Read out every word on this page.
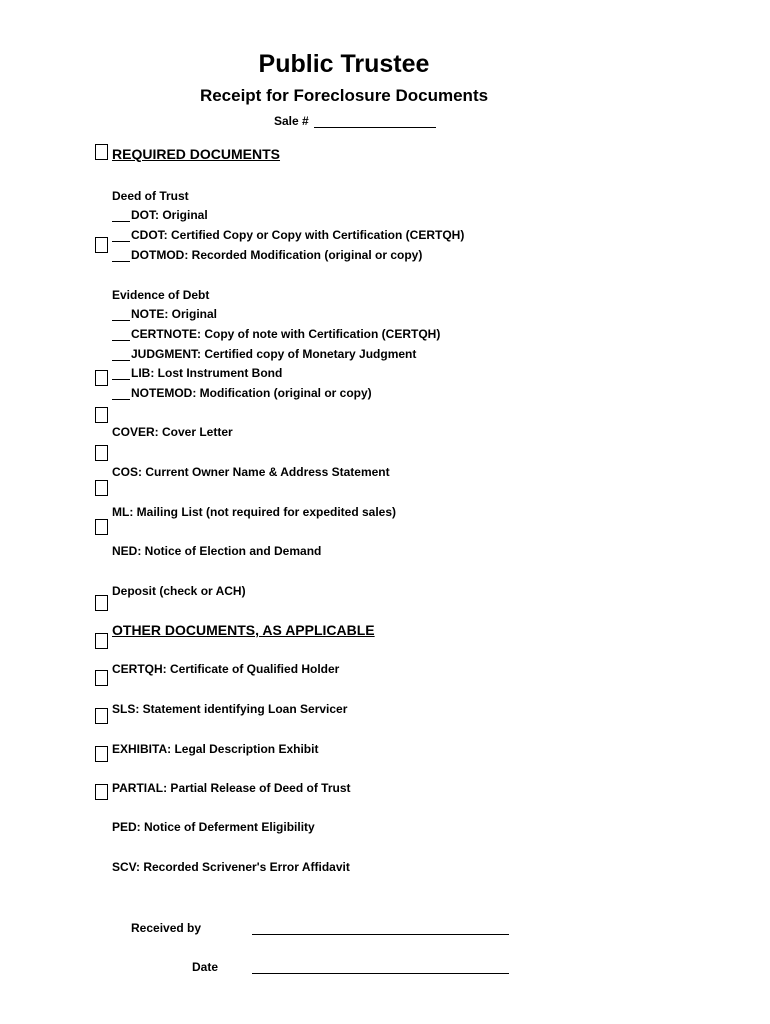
Public Trustee
Receipt for Foreclosure Documents
Sale #
REQUIRED DOCUMENTS
Deed of Trust
DOT: Original
CDOT: Certified Copy or Copy with Certification (CERTQH)
DOTMOD: Recorded Modification (original or copy)
Evidence of Debt
NOTE: Original
CERTNOTE: Copy of note with Certification (CERTQH)
JUDGMENT: Certified copy of Monetary Judgment
LIB: Lost Instrument Bond
NOTEMOD: Modification (original or copy)
COVER: Cover Letter
COS: Current Owner Name & Address Statement
ML: Mailing List (not required for expedited sales)
NED: Notice of Election and Demand
Deposit (check or ACH)
OTHER DOCUMENTS, AS APPLICABLE
CERTQH: Certificate of Qualified Holder
SLS: Statement identifying Loan Servicer
EXHIBITA: Legal Description Exhibit
PARTIAL: Partial Release of Deed of Trust
PED: Notice of Deferment Eligibility
SCV: Recorded Scrivener's Error Affidavit
Received by
Date
